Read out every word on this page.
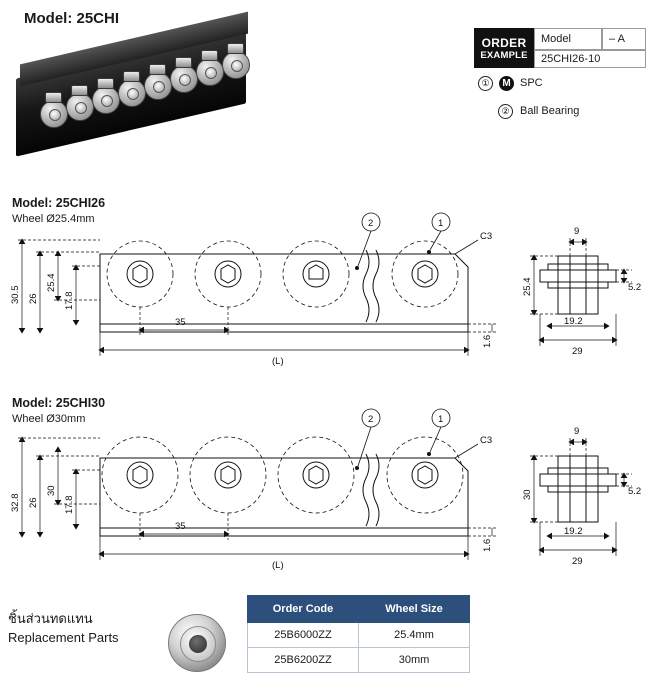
Model: 25CHI
ORDER
EXAMPLE
Model	– A
25CHI26-10
①	M SPC
② Ball Bearing
Model: 25CHI26
Wheel Ø25.4mm	2	1
C3
30.5 26
25.4
17.8
35
(L)
1.6
9
25.4	5.2
19.2
29
Model: 25CHI30
Wheel Ø30mm	2	1
C3
32.8 26
30
17.8
35
(L)
1.6
9
30	5.2
19.2
29
ชิ้นส่วนทดแทน
Replacement Parts
Order Code	Wheel Size
25B6000ZZ	25.4mm
25B6200ZZ	30mm
